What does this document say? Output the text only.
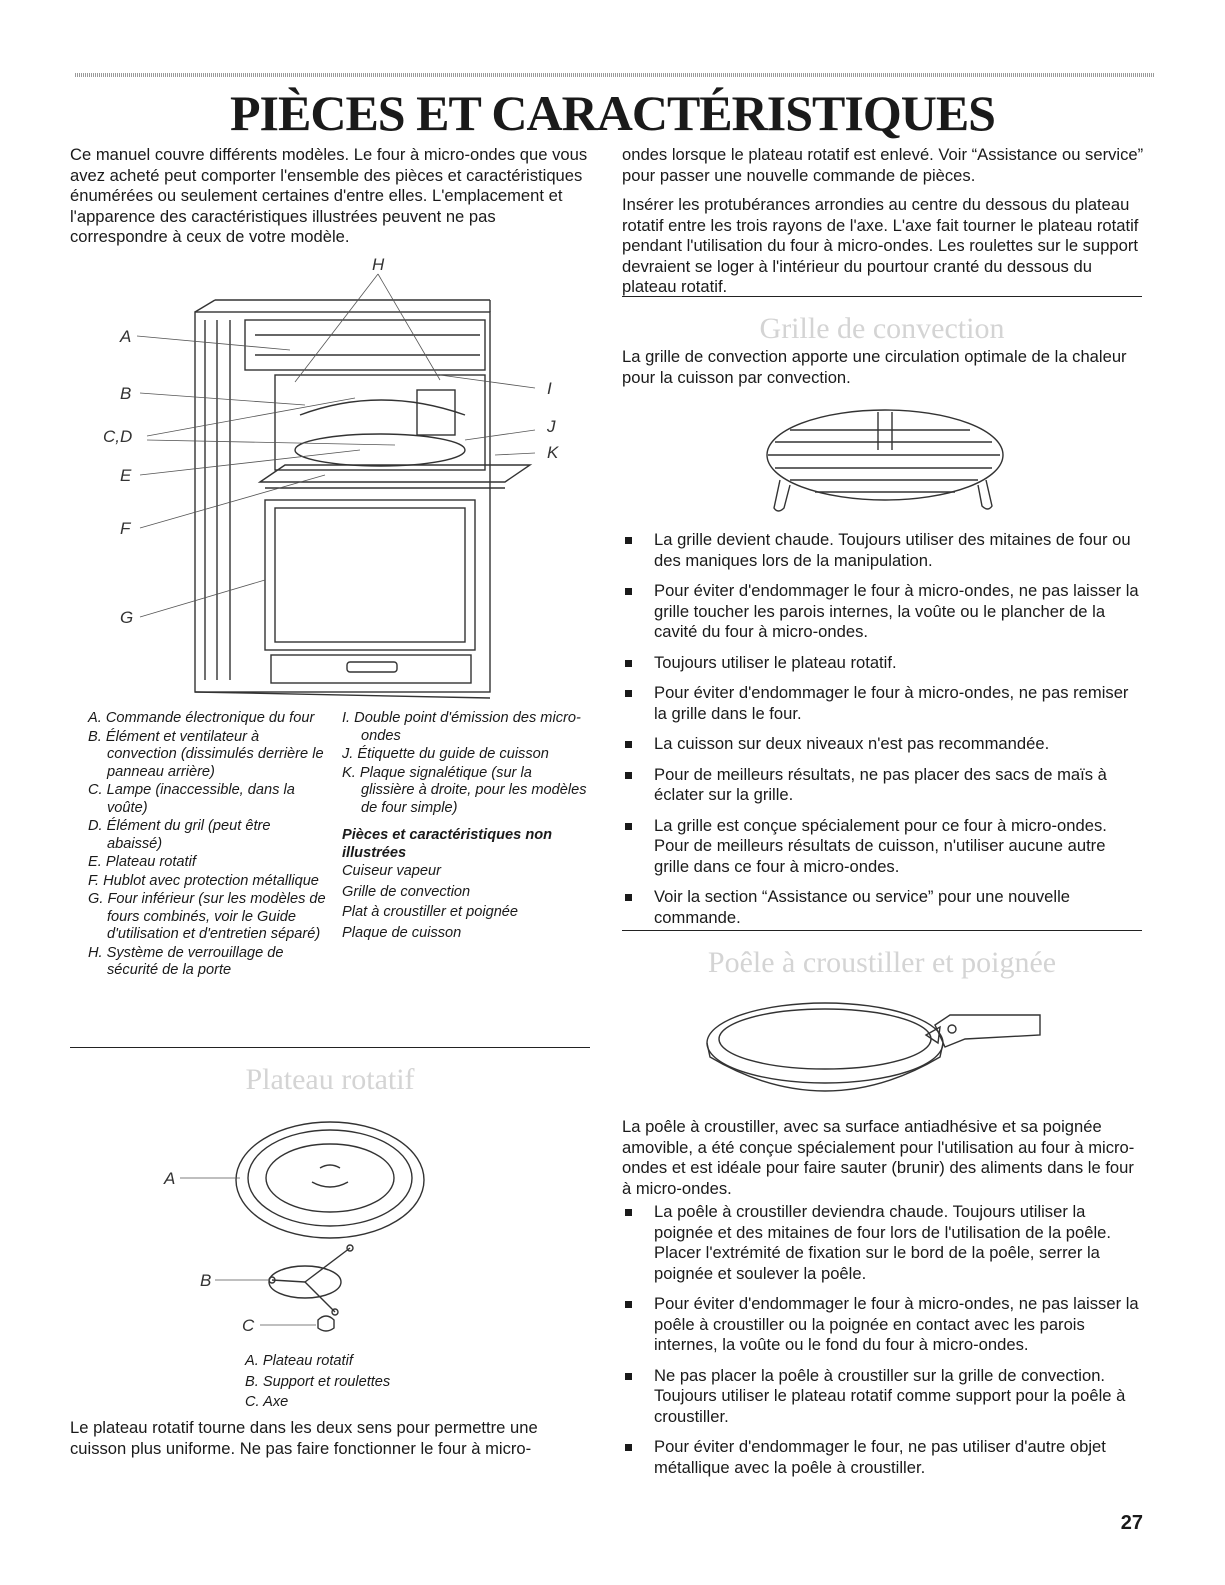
PIÈCES ET CARACTÉRISTIQUES

Ce manuel couvre différents modèles. Le four à micro-ondes que vous avez acheté peut comporter l'ensemble des pièces et caractéristiques énumérées ou seulement certaines d'entre elles. L'emplacement et l'apparence des caractéristiques illustrées peuvent ne pas correspondre à ceux de votre modèle.

A
B
C,D
E
F
G
H
I
J
K

A. Commande électronique du four

B. Élément et ventilateur à convection (dissimulés derrière le panneau arrière)

C. Lampe (inaccessible, dans la voûte)

D. Élément du gril (peut être abaissé)

E. Plateau rotatif

F. Hublot avec protection métallique

G. Four inférieur (sur les modèles de fours combinés, voir le Guide d'utilisation et d'entretien séparé)

H. Système de verrouillage de sécurité de la porte

I. Double point d'émission des micro-ondes

J. Étiquette du guide de cuisson

K. Plaque signalétique (sur la glissière à droite, pour les modèles de four simple)

Pièces et caractéristiques non illustrées

Cuiseur vapeur

Grille de convection

Plat à croustiller et poignée

Plaque de cuisson

Plateau rotatif
A
B
C

A. Plateau rotatif

B. Support et roulettes

C. Axe

Le plateau rotatif tourne dans les deux sens pour permettre une cuisson plus uniforme. Ne pas faire fonctionner le four à micro-

ondes lorsque le plateau rotatif est enlevé. Voir “Assistance ou service” pour passer une nouvelle commande de pièces.

Insérer les protubérances arrondies au centre du dessous du plateau rotatif entre les trois rayons de l'axe. L'axe fait tourner le plateau rotatif pendant l'utilisation du four à micro-ondes. Les roulettes sur le support devraient se loger à l'intérieur du pourtour cranté du dessous du plateau rotatif.

Grille de convection

La grille de convection apporte une circulation optimale de la chaleur pour la cuisson par convection.

La grille devient chaude. Toujours utiliser des mitaines de four ou des maniques lors de la manipulation.
Pour éviter d'endommager le four à micro-ondes, ne pas laisser la grille toucher les parois internes, la voûte ou le plancher de la cavité du four à micro-ondes.
Toujours utiliser le plateau rotatif.
Pour éviter d'endommager le four à micro-ondes, ne pas remiser la grille dans le four.
La cuisson sur deux niveaux n'est pas recommandée.
Pour de meilleurs résultats, ne pas placer des sacs de maïs à éclater sur la grille.
La grille est conçue spécialement pour ce four à micro-ondes. Pour de meilleurs résultats de cuisson, n'utiliser aucune autre grille dans ce four à micro-ondes.
Voir la section “Assistance ou service” pour une nouvelle commande.
Poêle à croustiller et poignée

La poêle à croustiller, avec sa surface antiadhésive et sa poignée amovible, a été conçue spécialement pour l'utilisation au four à micro-ondes et est idéale pour faire sauter (brunir) des aliments dans le four à micro-ondes.

La poêle à croustiller deviendra chaude. Toujours utiliser la poignée et des mitaines de four lors de l'utilisation de la poêle. Placer l'extrémité de fixation sur le bord de la poêle, serrer la poignée et soulever la poêle.
Pour éviter d'endommager le four à micro-ondes, ne pas laisser la poêle à croustiller ou la poignée en contact avec les parois internes, la voûte ou le fond du four à micro-ondes.
Ne pas placer la poêle à croustiller sur la grille de convection. Toujours utiliser le plateau rotatif comme support pour la poêle à croustiller.
Pour éviter d'endommager le four, ne pas utiliser d'autre objet métallique avec la poêle à croustiller.
27
